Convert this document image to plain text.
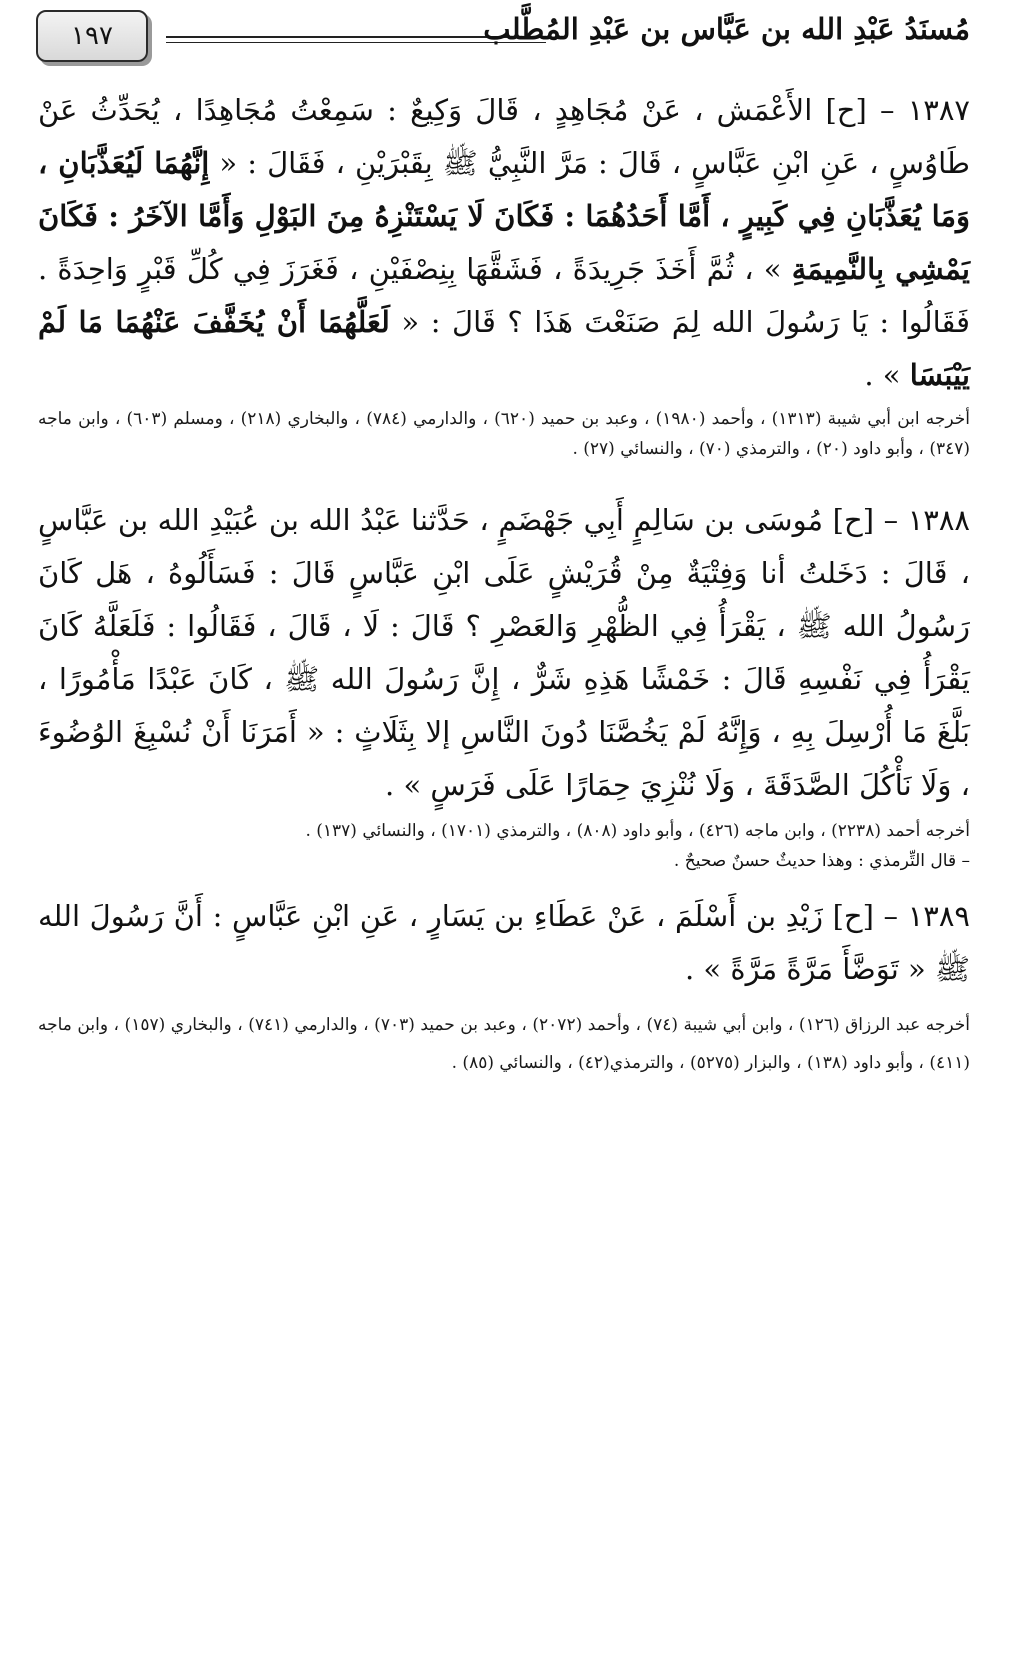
١٩٧	مُسنَدُ عَبْدِ الله بن عَبَّاس بن عَبْدِ المُطَّلب

١٣٨٧ – [ح] الأَعْمَش ، عَنْ مُجَاهِدٍ ، قَالَ وَكِيعٌ : سَمِعْتُ مُجَاهِدًا ، يُحَدِّثُ عَنْ طَاوُسٍ ، عَنِ ابْنِ عَبَّاسٍ ، قَالَ : مَرَّ النَّبِيُّ ﷺ بِقَبْرَيْنِ ، فَقَالَ : « إِنَّهُمَا لَيُعَذَّبَانِ ، وَمَا يُعَذَّبَانِ فِي كَبِيرٍ ، أَمَّا أَحَدُهُمَا : فَكَانَ لَا يَسْتَنْزِهُ مِنَ البَوْلِ وَأَمَّا الآخَرُ : فَكَانَ يَمْشِي بِالنَّمِيمَةِ » ، ثُمَّ أَخَذَ جَرِيدَةً ، فَشَقَّهَا بِنِصْفَيْنِ ، فَغَرَزَ فِي كُلِّ قَبْرٍ وَاحِدَةً . فَقَالُوا : يَا رَسُولَ الله لِمَ صَنَعْتَ هَذَا ؟ قَالَ : « لَعَلَّهُمَا أَنْ يُخَفَّفَ عَنْهُمَا مَا لَمْ يَيْبَسَا » .

أخرجه ابن أبي شيبة (١٣١٣) ، وأحمد (١٩٨٠) ، وعبد بن حميد (٦٢٠) ، والدارمي (٧٨٤) ، والبخاري (٢١٨) ، ومسلم (٦٠٣) ، وابن ماجه (٣٤٧) ، وأبو داود (٢٠) ، والترمذي (٧٠) ، والنسائي (٢٧) .

١٣٨٨ – [ح] مُوسَى بن سَالِمٍ أَبِي جَهْضَمٍ ، حَدَّثنا عَبْدُ الله بن عُبَيْدِ الله بن عَبَّاسٍ ، قَالَ : دَخَلتُ أنا وَفِتْيَةٌ مِنْ قُرَيْشٍ عَلَى ابْنِ عَبَّاسٍ قَالَ : فَسَأَلُوهُ ، هَل كَانَ رَسُولُ الله ﷺ ، يَقْرَأُ فِي الظُّهْرِ وَالعَصْرِ ؟ قَالَ : لَا ، قَالَ ، فَقَالُوا : فَلَعَلَّهُ كَانَ يَقْرَأُ فِي نَفْسِهِ قَالَ : خَمْشًا هَذِهِ شَرٌّ ، إِنَّ رَسُولَ الله ﷺ ، كَانَ عَبْدًا مَأْمُورًا ، بَلَّغَ مَا أُرْسِلَ بِهِ ، وَإِنَّهُ لَمْ يَخُصَّنَا دُونَ النَّاسِ إلا بِثَلَاثٍ : « أَمَرَنَا أَنْ نُسْبِغَ الوُضُوءَ ، وَلَا نَأْكُلَ الصَّدَقَةَ ، وَلَا نُنْزِيَ حِمَارًا عَلَى فَرَسٍ » .

أخرجه أحمد (٢٢٣٨) ، وابن ماجه (٤٢٦) ، وأبو داود (٨٠٨) ، والترمذي (١٧٠١) ، والنسائي (١٣٧) .

– قال التِّرمذي : وهذا حديثٌ حسنٌ صحيحٌ .

١٣٨٩ – [ح] زَيْدِ بن أَسْلَمَ ، عَنْ عَطَاءِ بن يَسَارٍ ، عَنِ ابْنِ عَبَّاسٍ : أَنَّ رَسُولَ الله ﷺ « تَوَضَّأَ مَرَّةً مَرَّةً » .

أخرجه عبد الرزاق (١٢٦) ، وابن أبي شيبة (٧٤) ، وأحمد (٢٠٧٢) ، وعبد بن حميد (٧٠٣) ، والدارمي (٧٤١) ، والبخاري (١٥٧) ، وابن ماجه (٤١١) ، وأبو داود (١٣٨) ، والبزار (٥٢٧٥) ، والترمذي(٤٢) ، والنسائي (٨٥) .
